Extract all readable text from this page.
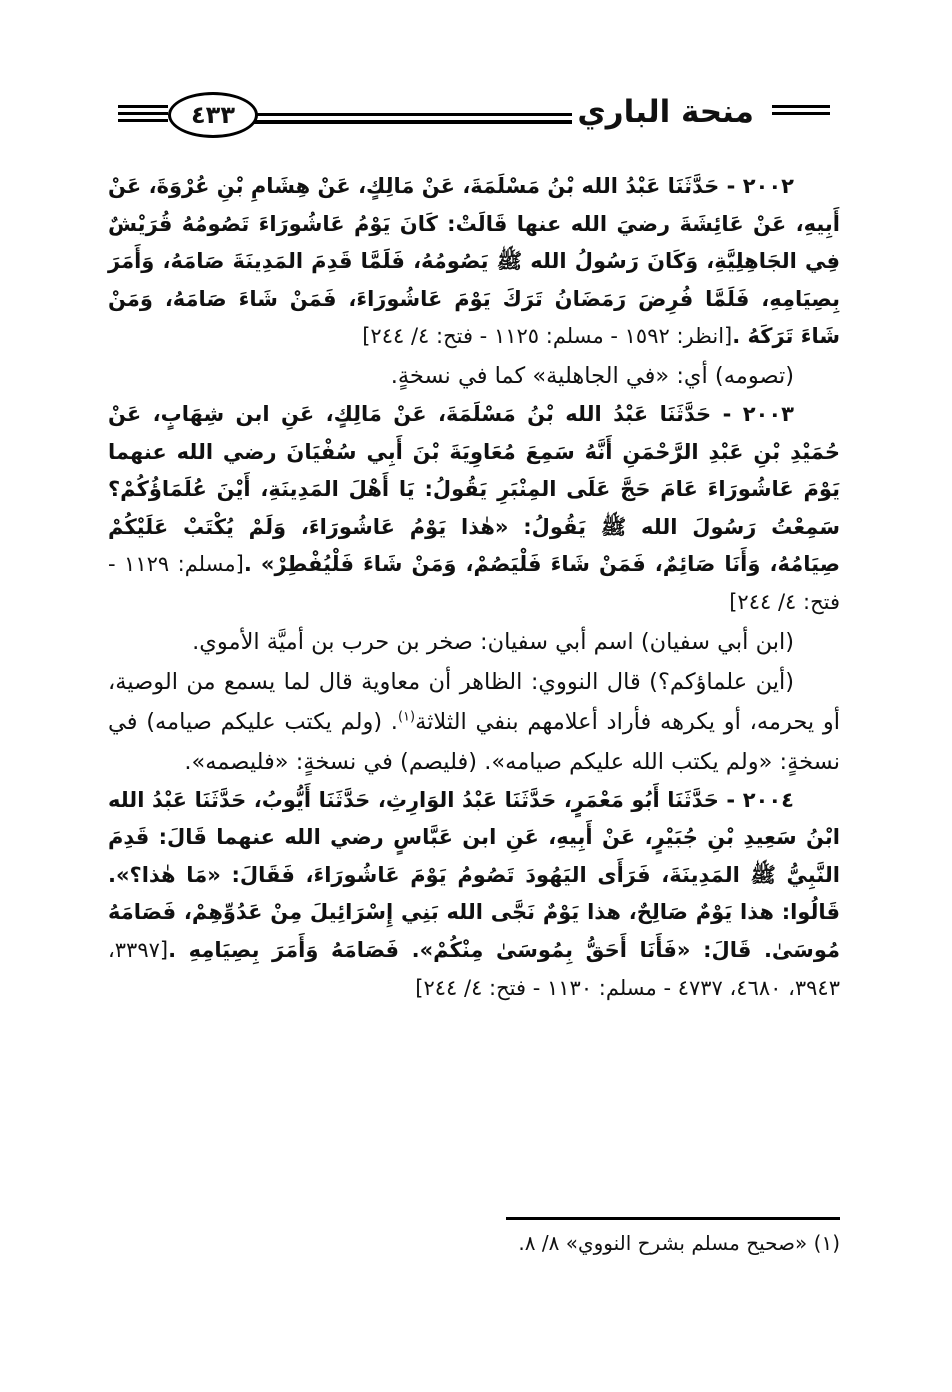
منحة الباري
٤٣٣

٢٠٠٢ - حَدَّثَنَا عَبْدُ الله بْنُ مَسْلَمَةَ، عَنْ مَالِكٍ، عَنْ هِشَامِ بْنِ عُرْوَةَ، عَنْ أَبِيهِ، عَنْ عَائِشَةَ رضيَ الله عنها قَالَتْ: كَانَ يَوْمُ عَاشُورَاءَ تَصُومُهُ قُرَيْشٌ فِي الجَاهِلِيَّةِ، وَكَانَ رَسُولُ الله ﷺ يَصُومُهُ، فَلَمَّا قَدِمَ المَدِينَةَ صَامَهُ، وَأَمَرَ بِصِيَامِهِ، فَلَمَّا فُرِضَ رَمَضَانُ تَرَكَ يَوْمَ عَاشُورَاءَ، فَمَنْ شَاءَ صَامَهُ، وَمَنْ شَاءَ تَرَكَهُ .[انظر: ١٥٩٢ - مسلم: ١١٢٥ - فتح: ٤/ ٢٤٤]

(تصومه) أي: «في الجاهلية» كما في نسخةٍ.

٢٠٠٣ - حَدَّثَنَا عَبْدُ الله بْنُ مَسْلَمَةَ، عَنْ مَالِكٍ، عَنِ ابن شِهَابٍ، عَنْ حُمَيْدِ بْنِ عَبْدِ الرَّحْمَنِ أَنَّهُ سَمِعَ مُعَاوِيَةَ بْنَ أَبِي سُفْيَانَ رضي الله عنهما يَوْمَ عَاشُورَاءَ عَامَ حَجَّ عَلَى المِنْبَرِ يَقُولُ: يَا أَهْلَ المَدِينَةِ، أَيْنَ عُلَمَاؤُكُمْ؟ سَمِعْتُ رَسُولَ الله ﷺ يَقُولُ: «هٰذا يَوْمُ عَاشُورَاءَ، وَلَمْ يُكْتَبْ عَلَيْكُمْ صِيَامُهُ، وَأَنَا صَائِمٌ، فَمَنْ شَاءَ فَلْيَصُمْ، وَمَنْ شَاءَ فَلْيُفْطِرْ» .[مسلم: ١١٢٩ - فتح: ٤/ ٢٤٤]

(ابن أبي سفيان) اسم أبي سفيان: صخر بن حرب بن أميَّة الأموي.

(أين علماؤكم؟) قال النووي: الظاهر أن معاوية قال لما يسمع من الوصية، أو يحرمه، أو يكرهه فأراد أعلامهم بنفي الثلاثة$^{(١)}$. (ولم يكتب عليكم صيامه) في نسخةٍ: «ولم يكتب الله عليكم صيامه». (فليصم) في نسخةٍ: «فليصمه».

٢٠٠٤ - حَدَّثَنَا أَبُو مَعْمَرٍ، حَدَّثَنَا عَبْدُ الوَارِثِ، حَدَّثَنَا أَيُّوبُ، حَدَّثَنَا عَبْدُ الله ابْنُ سَعِيدِ بْنِ جُبَيْرٍ، عَنْ أَبِيهِ، عَنِ ابن عَبَّاسٍ رضي الله عنهما قَالَ: قَدِمَ النَّبِيُّ ﷺ المَدِينَةَ، فَرَأَى اليَهُودَ تَصُومُ يَوْمَ عَاشُورَاءَ، فَقَالَ: «مَا هٰذا؟». قَالُوا: هذا يَوْمٌ صَالِحٌ، هذا يَوْمٌ نَجَّى الله بَنِي إِسْرَائِيلَ مِنْ عَدُوِّهِمْ، فَصَامَهُ مُوسَىٰ. قَالَ: «فَأَنَا أَحَقُّ بِمُوسَىٰ مِنْكُمْ». فَصَامَهُ وَأَمَرَ بِصِيَامِهِ .[٣٣٩٧، ٣٩٤٣، ٤٦٨٠، ٤٧٣٧ - مسلم: ١١٣٠ - فتح: ٤/ ٢٤٤]

(١) «صحيح مسلم بشرح النووي» ٨/ ٨.
